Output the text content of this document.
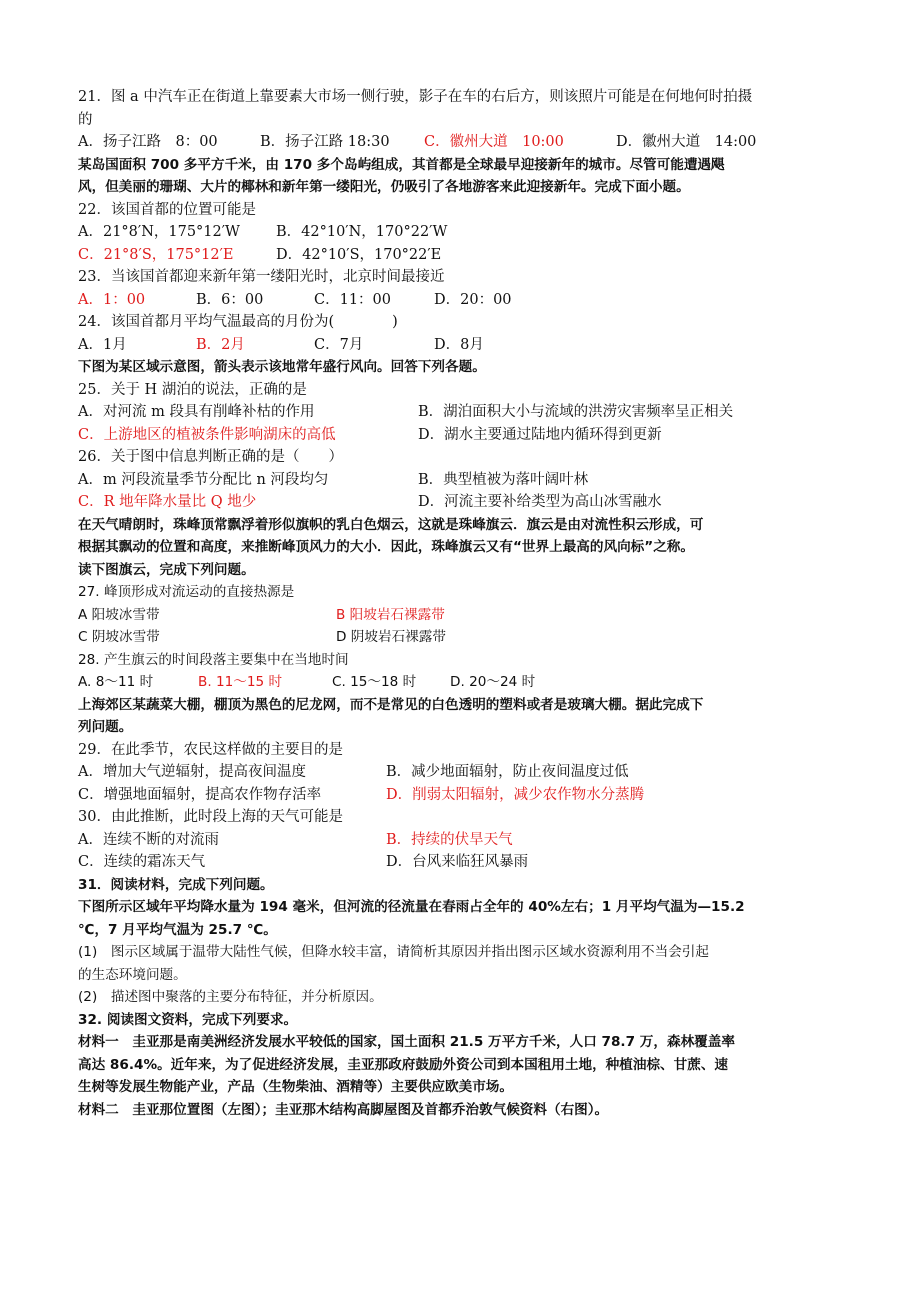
21．图 a 中汽车正在街道上靠要素大市场一侧行驶，影子在车的右后方，则该照片可能是在何地何时拍摄
的
A．扬子江路　8：00	B．扬子江路 18:30 C．徽州大道　10:00	D．徽州大道　14:00
某岛国面积 700 多平方千米，由 170 多个岛屿组成，其首都是全球最早迎接新年的城市。尽管可能遭遇飓
风，但美丽的珊瑚、大片的椰林和新年第一缕阳光，仍吸引了各地游客来此迎接新年。完成下面小题。
22．该国首都的位置可能是
A．21°8′N，175°12′W B．42°10′N，170°22′W
C．21°8′S，175°12′E	D．42°10′S，170°22′E
23．当该国首都迎来新年第一缕阳光时，北京时间最接近
A．1：00	B．6：00	C．11：00	D．20：00
24．该国首都月平均气温最高的月份为(　　　　)
A．1月	B．2月	C．7月	D．8月
下图为某区域示意图，箭头表示该地常年盛行风向。回答下列各题。
25．关于 H 湖泊的说法，正确的是
A．对河流 m 段具有削峰补枯的作用	B．湖泊面积大小与流域的洪涝灾害频率呈正相关
C．上游地区的植被条件影响湖床的高低	D．湖水主要通过陆地内循环得到更新
26．关于图中信息判断正确的是（　　）
A．m 河段流量季节分配比 n 河段均匀	B．典型植被为落叶阔叶林
C．R 地年降水量比 Q 地少	D．河流主要补给类型为高山冰雪融水
在天气晴朗时，珠峰顶常飘浮着形似旗帜的乳白色烟云，这就是珠峰旗云．旗云是由对流性积云形成，可
根据其飘动的位置和高度，来推断峰顶风力的大小．因此，珠峰旗云又有“世界上最高的风向标”之称。
读下图旗云，完成下列问题。
27. 峰顶形成对流运动的直接热源是
A 阳坡冰雪带	B 阳坡岩石裸露带
C 阴坡冰雪带	D 阴坡岩石裸露带
28. 产生旗云的时间段落主要集中在当地时间
A. 8～11 时	B. 11～15 时	C. 15～18 时 D. 20～24 时
上海郊区某蔬菜大棚，棚顶为黑色的尼龙网，而不是常见的白色透明的塑料或者是玻璃大棚。据此完成下
列问题。
29．在此季节，农民这样做的主要目的是
A．增加大气逆辐射，提高夜间温度	B．减少地面辐射，防止夜间温度过低
C．增强地面辐射，提高农作物存活率	D．削弱太阳辐射，减少农作物水分蒸腾
30．由此推断，此时段上海的天气可能是
A．连续不断的对流雨	B．持续的伏旱天气
C．连续的霜冻天气	D．台风来临狂风暴雨
31．阅读材料，完成下列问题。
下图所示区域年平均降水量为 194 毫米，但河流的径流量在春雨占全年的 40%左右；1 月平均气温为—15.2
℃，7 月平均气温为 25.7 ℃。
(1)　图示区域属于温带大陆性气候，但降水较丰富，请简析其原因并指出图示区域水资源利用不当会引起
的生态环境问题。
(2)　描述图中聚落的主要分布特征，并分析原因。
32. 阅读图文资料，完成下列要求。
材料一　圭亚那是南美洲经济发展水平较低的国家，国土面积 21.5 万平方千米，人口 78.7 万，森林覆盖率
高达 86.4%。近年来，为了促进经济发展，圭亚那政府鼓励外资公司到本国租用土地，种植油棕、甘蔗、速
生树等发展生物能产业，产品（生物柴油、酒精等）主要供应欧美市场。
材料二　圭亚那位置图（左图）；圭亚那木结构高脚屋图及首都乔治敦气候资料（右图）。
